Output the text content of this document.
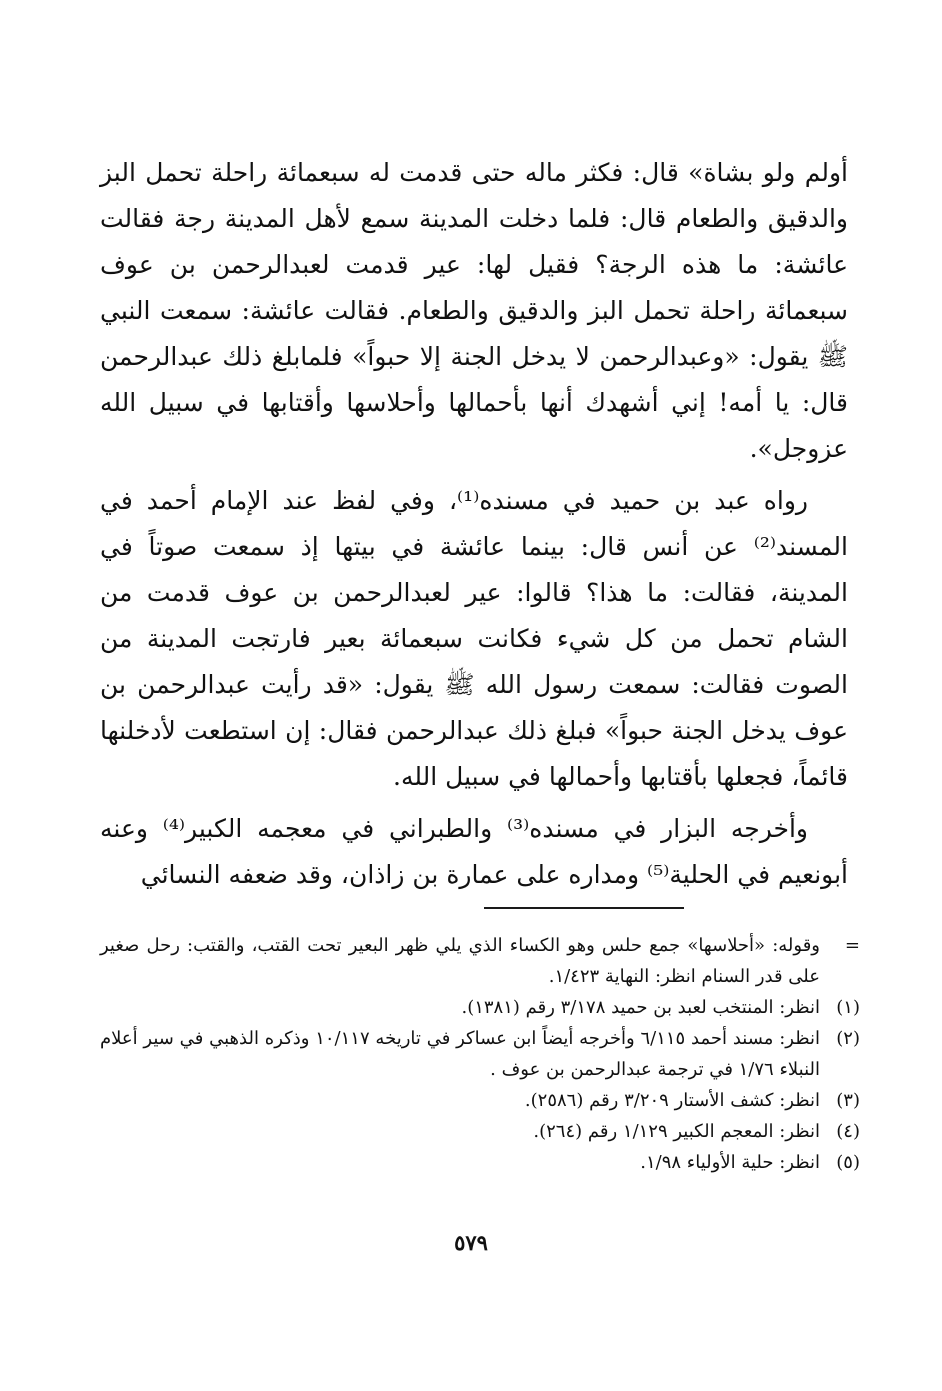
أولم ولو بشاة» قال: فكثر ماله حتى قدمت له سبعمائة راحلة تحمل البز والدقيق والطعام قال: فلما دخلت المدينة سمع لأهل المدينة رجة فقالت عائشة: ما هذه الرجة؟ فقيل لها: عير قدمت لعبدالرحمن بن عوف سبعمائة راحلة تحمل البز والدقيق والطعام. فقالت عائشة: سمعت النبي ﷺ يقول: «وعبدالرحمن لا يدخل الجنة إلا حبواً» فلمابلغ ذلك عبدالرحمن قال: يا أمه! إني أشهدك أنها بأحمالها وأحلاسها وأقتابها في سبيل الله عزوجل».

رواه عبد بن حميد في مسنده⁽¹⁾، وفي لفظ عند الإمام أحمد في المسند⁽²⁾ عن أنس قال: بينما عائشة في بيتها إذ سمعت صوتاً في المدينة، فقالت: ما هذا؟ قالوا: عير لعبدالرحمن بن عوف قدمت من الشام تحمل من كل شيء فكانت سبعمائة بعير فارتجت المدينة من الصوت فقالت: سمعت رسول الله ﷺ يقول: «قد رأيت عبدالرحمن بن عوف يدخل الجنة حبواً» فبلغ ذلك عبدالرحمن فقال: إن استطعت لأدخلنها قائماً، فجعلها بأقتابها وأحمالها في سبيل الله.

وأخرجه البزار في مسنده⁽³⁾ والطبراني في معجمه الكبير⁽⁴⁾ وعنه أبونعيم في الحلية⁽⁵⁾ ومداره على عمارة بن زاذان، وقد ضعفه النسائي

=
وقوله: «أحلاسها» جمع حلس وهو الكساء الذي يلي ظهر البعير تحت القتب، والقتب: رحل صغير على قدر السنام انظر: النهاية ١/٤٢٣.
(١)
انظر: المنتخب لعبد بن حميد ٣/١٧٨ رقم (١٣٨١).
(٢)
انظر: مسند أحمد ٦/١١٥ وأخرجه أيضاً ابن عساكر في تاريخه ١٠/١١٧ وذكره الذهبي في سير أعلام النبلاء ١/٧٦ في ترجمة عبدالرحمن بن عوف .
(٣)
انظر: كشف الأستار ٣/٢٠٩ رقم (٢٥٨٦).
(٤)
انظر: المعجم الكبير ١/١٢٩ رقم (٢٦٤).
(٥)
انظر: حلية الأولياء ١/٩٨.
٥٧٩
